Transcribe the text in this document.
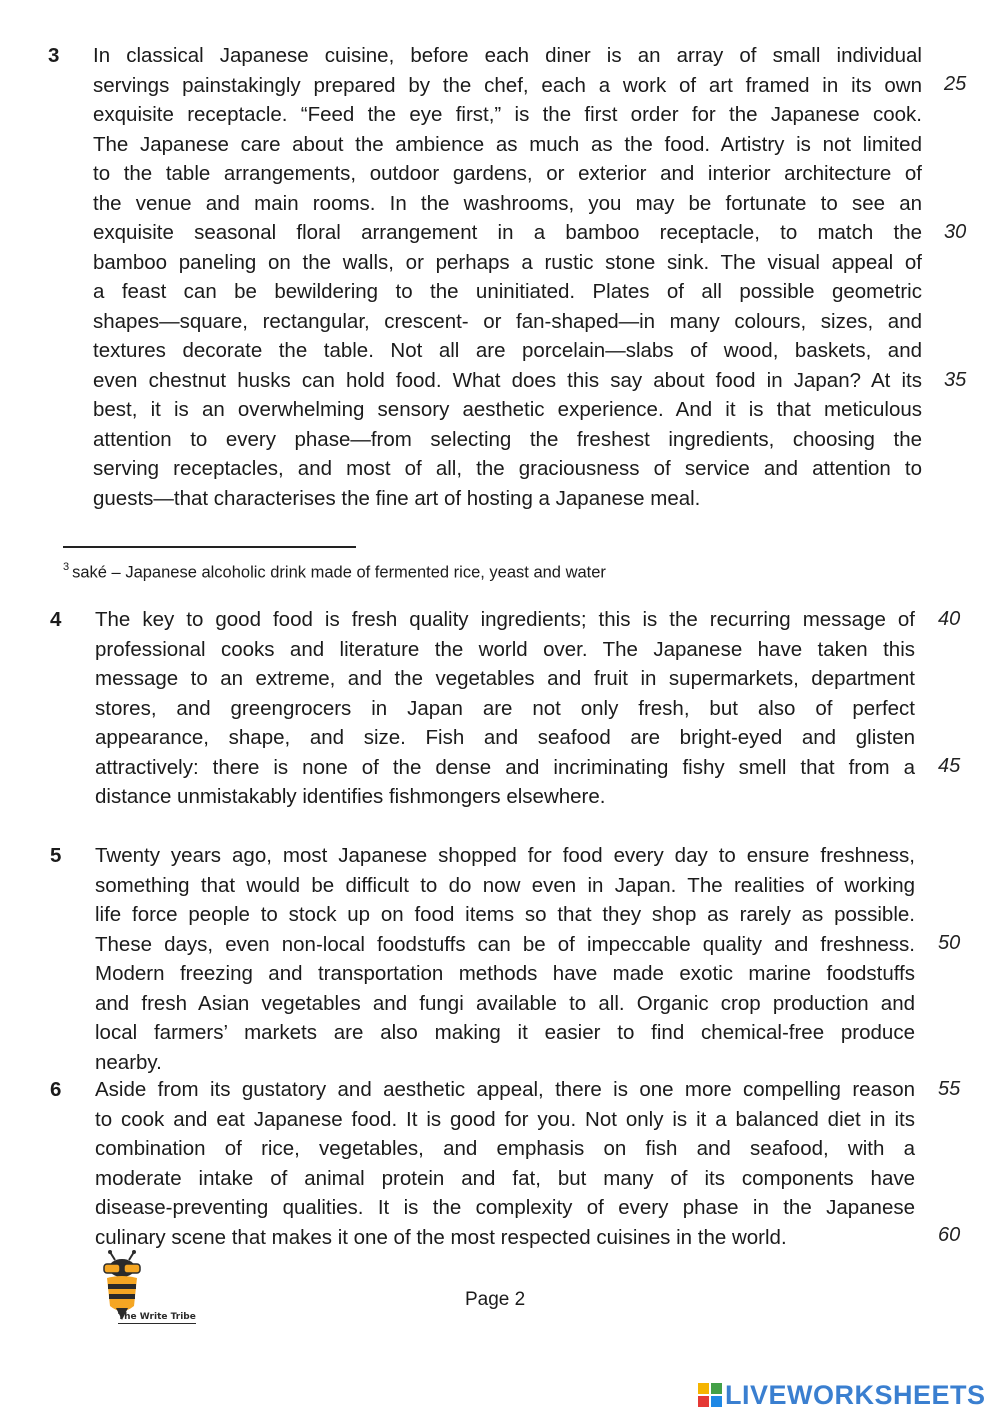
3 In classical Japanese cuisine, before each diner is an array of small individual
servings painstakingly prepared by the chef, each a work of art framed in its own
exquisite receptacle. “Feed the eye first,” is the first order for the Japanese cook.
The Japanese care about the ambience as much as the food. Artistry is not limited
to the table arrangements, outdoor gardens, or exterior and interior architecture of
the venue and main rooms. In the washrooms, you may be fortunate to see an
exquisite seasonal floral arrangement in a bamboo receptacle, to match the
bamboo paneling on the walls, or perhaps a rustic stone sink. The visual appeal of
a feast can be bewildering to the uninitiated. Plates of all possible geometric
shapes—square, rectangular, crescent- or fan-shaped—in many colours, sizes, and
textures decorate the table. Not all are porcelain—slabs of wood, baskets, and
even chestnut husks can hold food. What does this say about food in Japan? At its
best, it is an overwhelming sensory aesthetic experience. And it is that meticulous
attention to every phase—from selecting the freshest ingredients, choosing the
serving receptacles, and most of all, the graciousness of service and attention to
guests—that characterises the fine art of hosting a Japanese meal.
$^3$ saké – Japanese alcoholic drink made of fermented rice, yeast and water
4 The key to good food is fresh quality ingredients; this is the recurring message of
professional cooks and literature the world over. The Japanese have taken this
message to an extreme, and the vegetables and fruit in supermarkets, department
stores, and greengrocers in Japan are not only fresh, but also of perfect
appearance, shape, and size. Fish and seafood are bright-eyed and glisten
attractively: there is none of the dense and incriminating fishy smell that from a
distance unmistakably identifies fishmongers elsewhere.
5 Twenty years ago, most Japanese shopped for food every day to ensure freshness,
something that would be difficult to do now even in Japan. The realities of working
life force people to stock up on food items so that they shop as rarely as possible.
These days, even non-local foodstuffs can be of impeccable quality and freshness.
Modern freezing and transportation methods have made exotic marine foodstuffs
and fresh Asian vegetables and fungi available to all. Organic crop production and
local farmers’ markets are also making it easier to find chemical-free produce
nearby.
6 Aside from its gustatory and aesthetic appeal, there is one more compelling reason
to cook and eat Japanese food. It is good for you. Not only is it a balanced diet in its
combination of rice, vegetables, and emphasis on fish and seafood, with a
moderate intake of animal protein and fat, but many of its components have
disease-preventing qualities. It is the complexity of every phase in the Japanese
culinary scene that makes it one of the most respected cuisines in the world.
25
30
35
40
45
50
55
60
The Write Tribe
Page 2
LIVEWORKSHEETS
